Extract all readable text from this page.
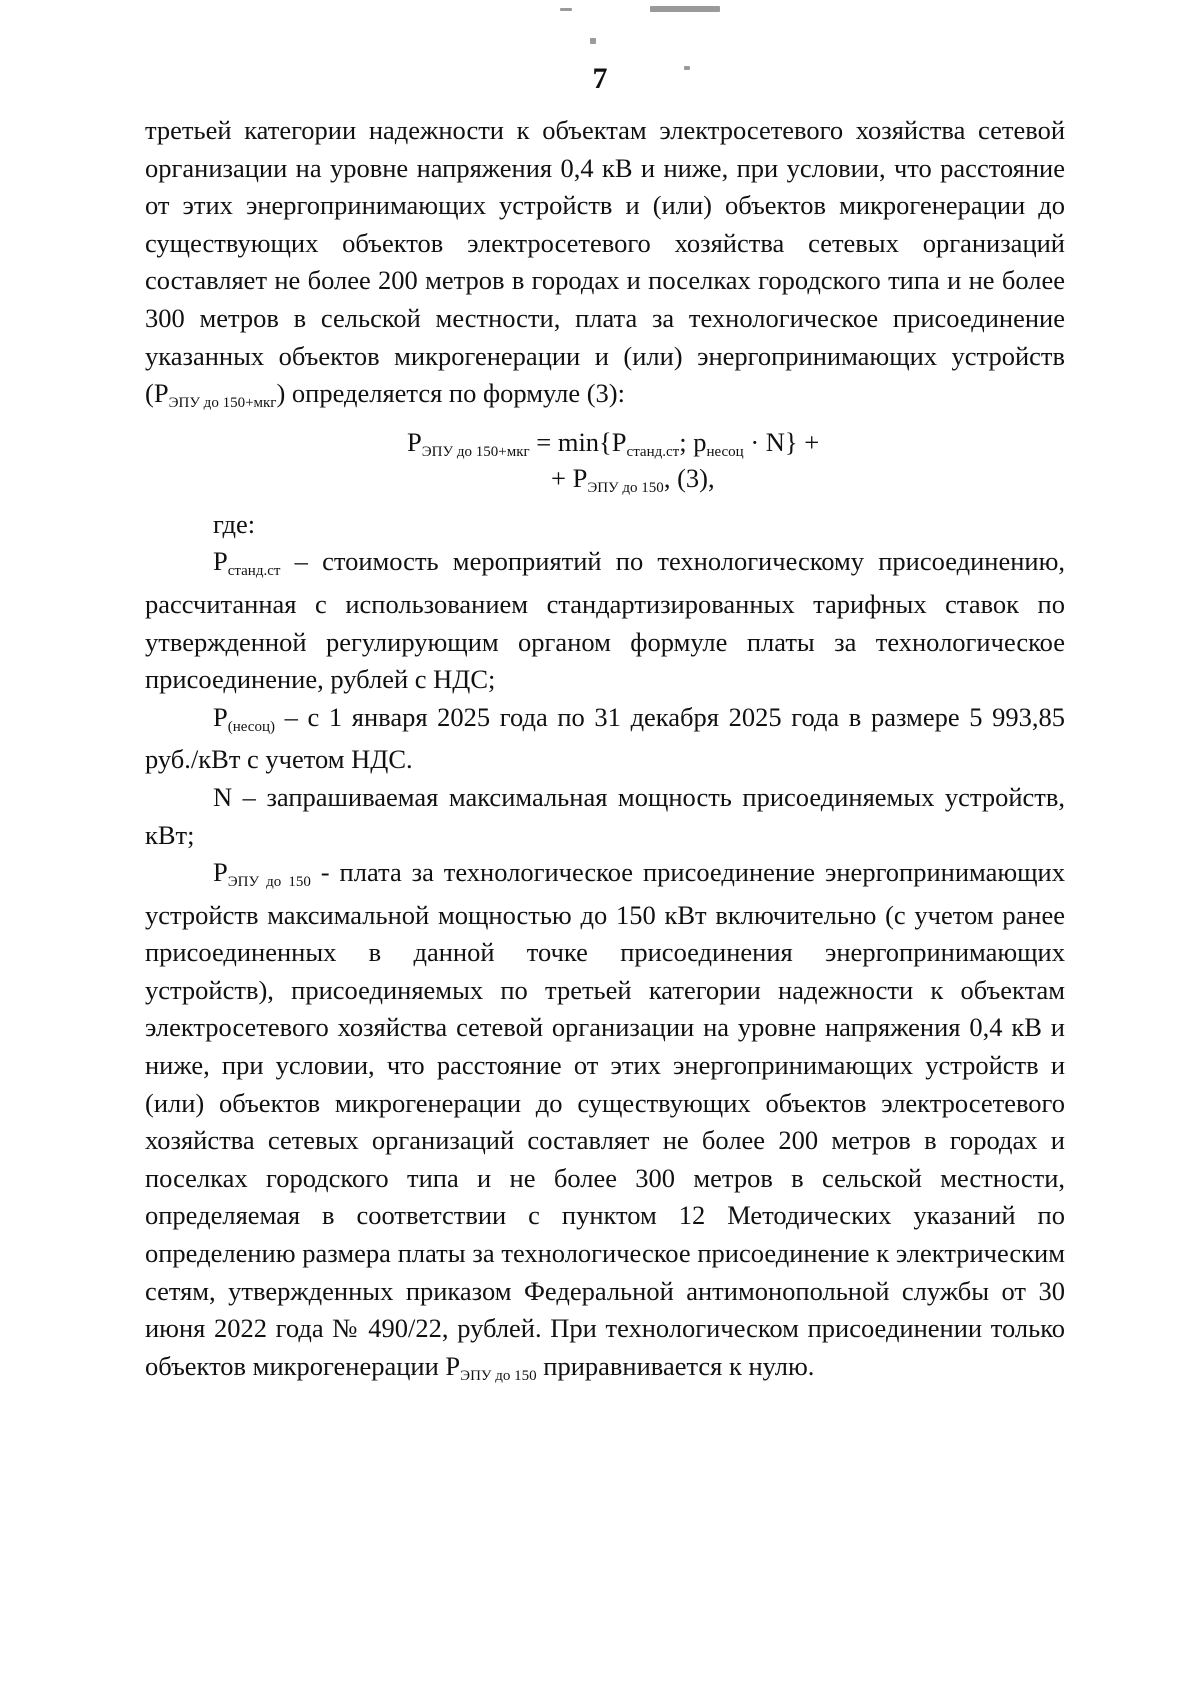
7

третьей категории надежности к объектам электросетевого хозяйства сетевой организации на уровне напряжения 0,4 кВ и ниже, при условии, что расстояние от этих энергопринимающих устройств и (или) объектов микрогенерации до существующих объектов электросетевого хозяйства сетевых организаций составляет не более 200 метров в городах и поселках городского типа и не более 300 метров в сельской местности, плата за технологическое присоединение указанных объектов микрогенерации и (или) энергопринимающих устройств $(Р_{ЭПУ до 150+мкг})$ определяется по формуле (3):

$Р_{ЭПУ до 150+мкг} = \min\{Р_{станд.ст}$; $р_{несоц} \cdot N$} +
+ $Р_{ЭПУ до 150}$, (3),

где:

$Р_{станд.ст}$ – стоимость мероприятий по технологическому присоединению, рассчитанная с использованием стандартизированных тарифных ставок по утвержденной регулирующим органом формуле платы за технологическое присоединение, рублей с НДС;

$Р_{(несоц)}$ – с 1 января 2025 года по 31 декабря 2025 года в размере 5 993,85 руб./кВт с учетом НДС.

N – запрашиваемая максимальная мощность присоединяемых устройств, кВт;

$Р_{ЭПУ до 150}$ - плата за технологическое присоединение энергопринимающих устройств максимальной мощностью до 150 кВт включительно (с учетом ранее присоединенных в данной точке присоединения энергопринимающих устройств), присоединяемых по третьей категории надежности к объектам электросетевого хозяйства сетевой организации на уровне напряжения 0,4 кВ и ниже, при условии, что расстояние от этих энергопринимающих устройств и (или) объектов микрогенерации до существующих объектов электросетевого хозяйства сетевых организаций составляет не более 200 метров в городах и поселках городского типа и не более 300 метров в сельской местности, определяемая в соответствии с пунктом 12 Методических указаний по определению размера платы за технологическое присоединение к электрическим сетям, утвержденных приказом Федеральной антимонопольной службы от 30 июня 2022 года № 490/22, рублей. При технологическом присоединении только объектов микрогенерации $Р_{ЭПУ до 150}$ приравнивается к нулю.
